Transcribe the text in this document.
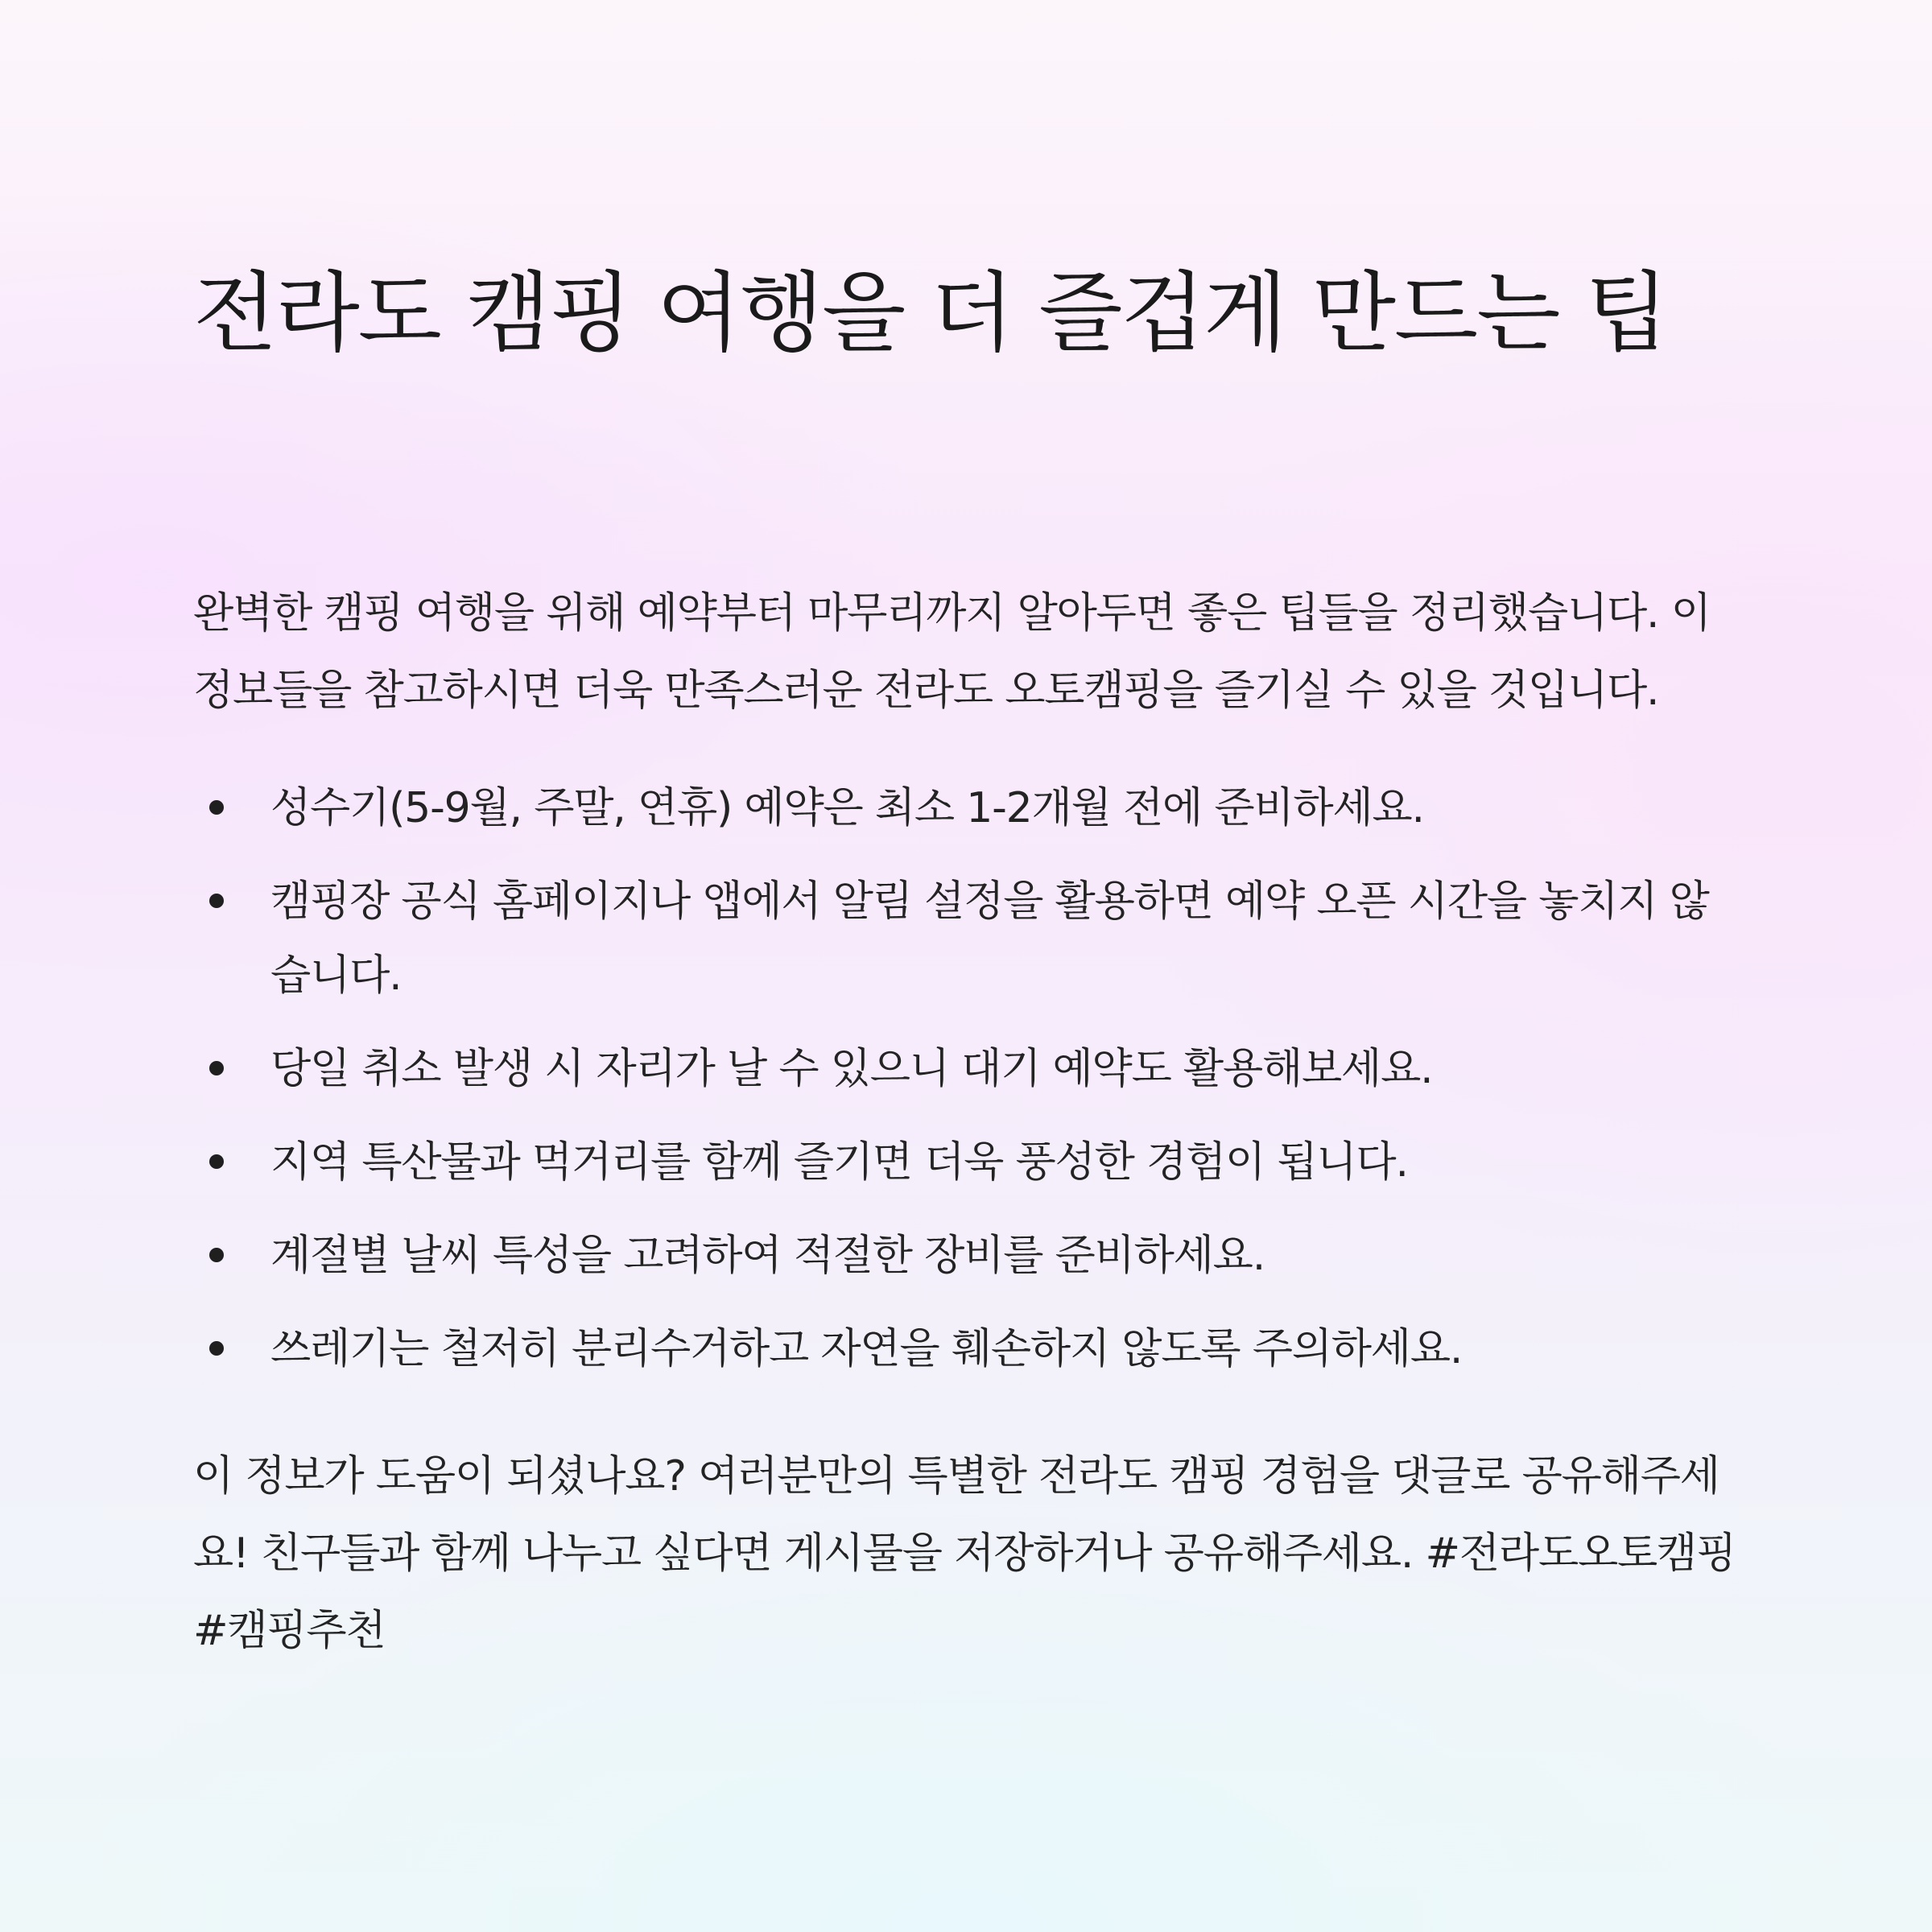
전라도 캠핑 여행을 더 즐겁게 만드는 팁

완벽한 캠핑 여행을 위해 예약부터 마무리까지 알아두면 좋은 팁들을 정리했습니다. 이 정보들을 참고하시면 더욱 만족스러운 전라도 오토캠핑을 즐기실 수 있을 것입니다.

성수기(5-9월, 주말, 연휴) 예약은 최소 1-2개월 전에 준비하세요.
캠핑장 공식 홈페이지나 앱에서 알림 설정을 활용하면 예약 오픈 시간을 놓치지 않습니다.
당일 취소 발생 시 자리가 날 수 있으니 대기 예약도 활용해보세요.
지역 특산물과 먹거리를 함께 즐기면 더욱 풍성한 경험이 됩니다.
계절별 날씨 특성을 고려하여 적절한 장비를 준비하세요.
쓰레기는 철저히 분리수거하고 자연을 훼손하지 않도록 주의하세요.

이 정보가 도움이 되셨나요? 여러분만의 특별한 전라도 캠핑 경험을 댓글로 공유해주세요! 친구들과 함께 나누고 싶다면 게시물을 저장하거나 공유해주세요. #전라도오토캠핑 #캠핑추천
